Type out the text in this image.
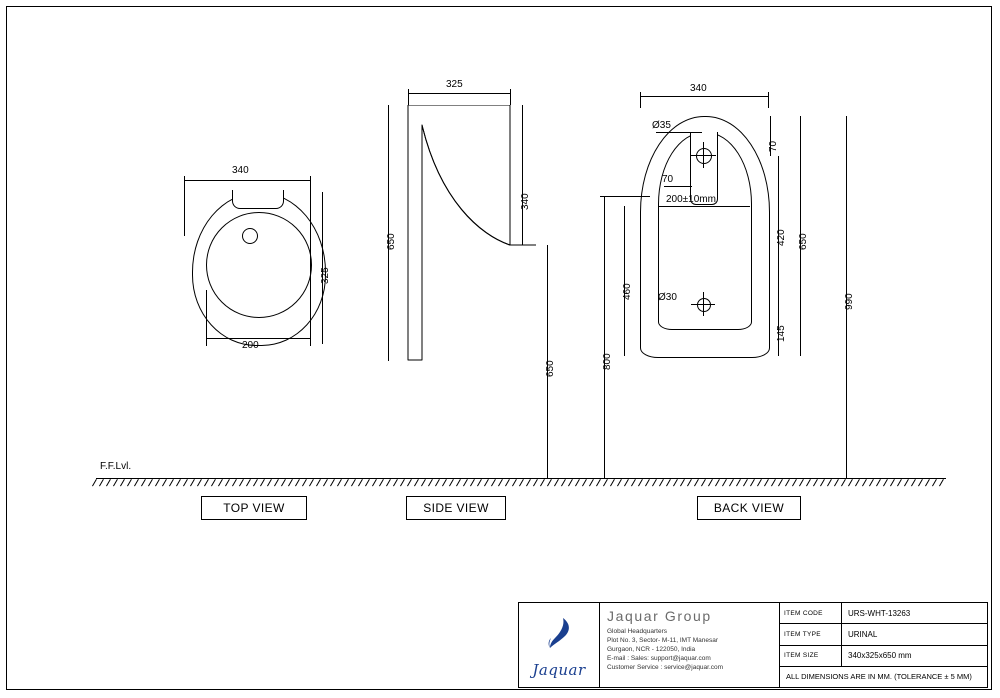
340
325
200
TOP VIEW
325
650
340
650
SIDE VIEW
340
Ø35
70
200±10mm
Ø30
70
420
145
650
460
800
990
BACK VIEW
F.F.Lvl.
Jaquar
Jaquar Group
Global Headquarters
Plot No. 3, Sector- M-11, IMT Manesar
Gurgaon, NCR - 122050, India
E-mail : Sales: support@jaquar.com
Customer Service : service@jaquar.com
ITEM CODE	URS-WHT-13263
ITEM TYPE	URINAL
ITEM SIZE	340x325x650 mm
ALL DIMENSIONS ARE IN MM. (TOLERANCE ± 5 MM)
